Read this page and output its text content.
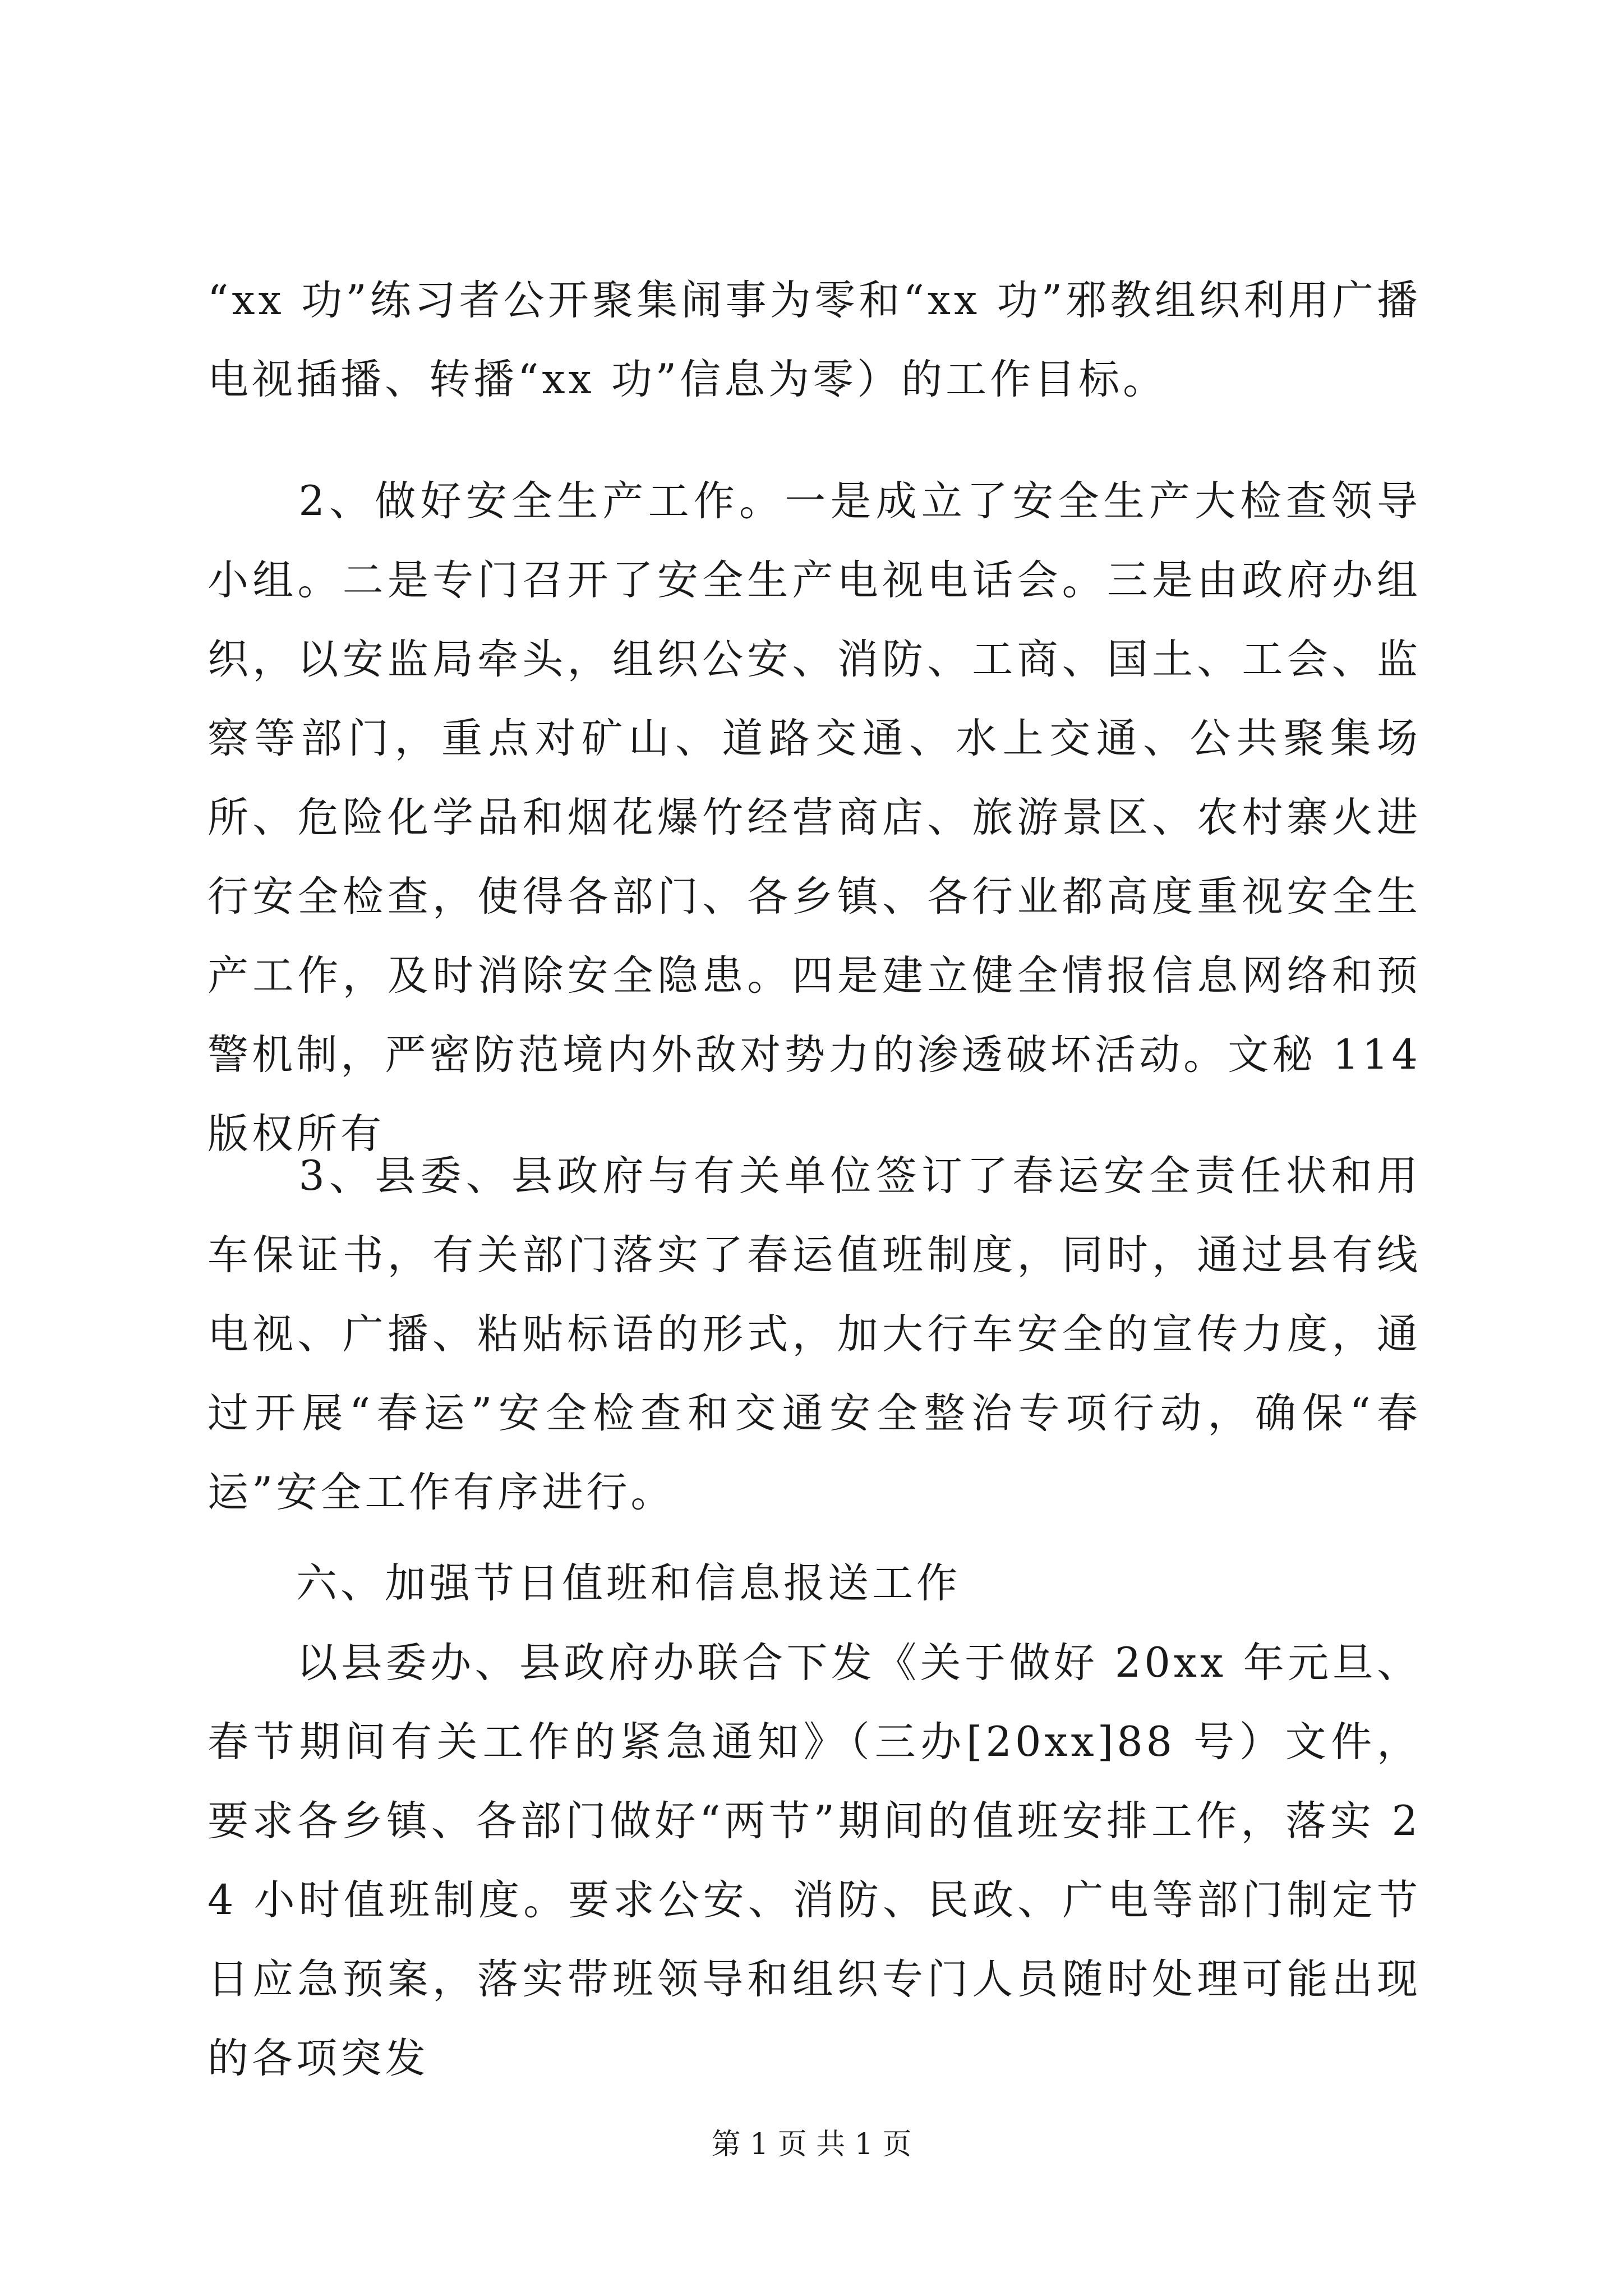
“xx 功”练习者公开聚集闹事为零和“xx 功”邪教组织利用广播电视插播、转播“xx 功”信息为零）的工作目标。

　　2、做好安全生产工作。一是成立了安全生产大检查领导小组。二是专门召开了安全生产电视电话会。三是由政府办组织，以安监局牵头，组织公安、消防、工商、国土、工会、监察等部门，重点对矿山、道路交通、水上交通、公共聚集场所、危险化学品和烟花爆竹经营商店、旅游景区、农村寨火进行安全检查，使得各部门、各乡镇、各行业都高度重视安全生产工作，及时消除安全隐患。四是建立健全情报信息网络和预警机制，严密防范境内外敌对势力的渗透破坏活动。文秘 114 版权所有

　　3、县委、县政府与有关单位签订了春运安全责任状和用车保证书，有关部门落实了春运值班制度，同时，通过县有线电视、广播、粘贴标语的形式，加大行车安全的宣传力度，通过开展“春运”安全检查和交通安全整治专项行动，确保“春运”安全工作有序进行。

　　六、加强节日值班和信息报送工作

　　以县委办、县政府办联合下发《关于做好 20xx 年元旦、春节期间有关工作的紧急通知》（三办[20xx]88 号）文件，要求各乡镇、各部门做好“两节”期间的值班安排工作，落实 24 小时值班制度。要求公安、消防、民政、广电等部门制定节日应急预案，落实带班领导和组织专门人员随时处理可能出现的各项突发

第 1 页 共 1 页
